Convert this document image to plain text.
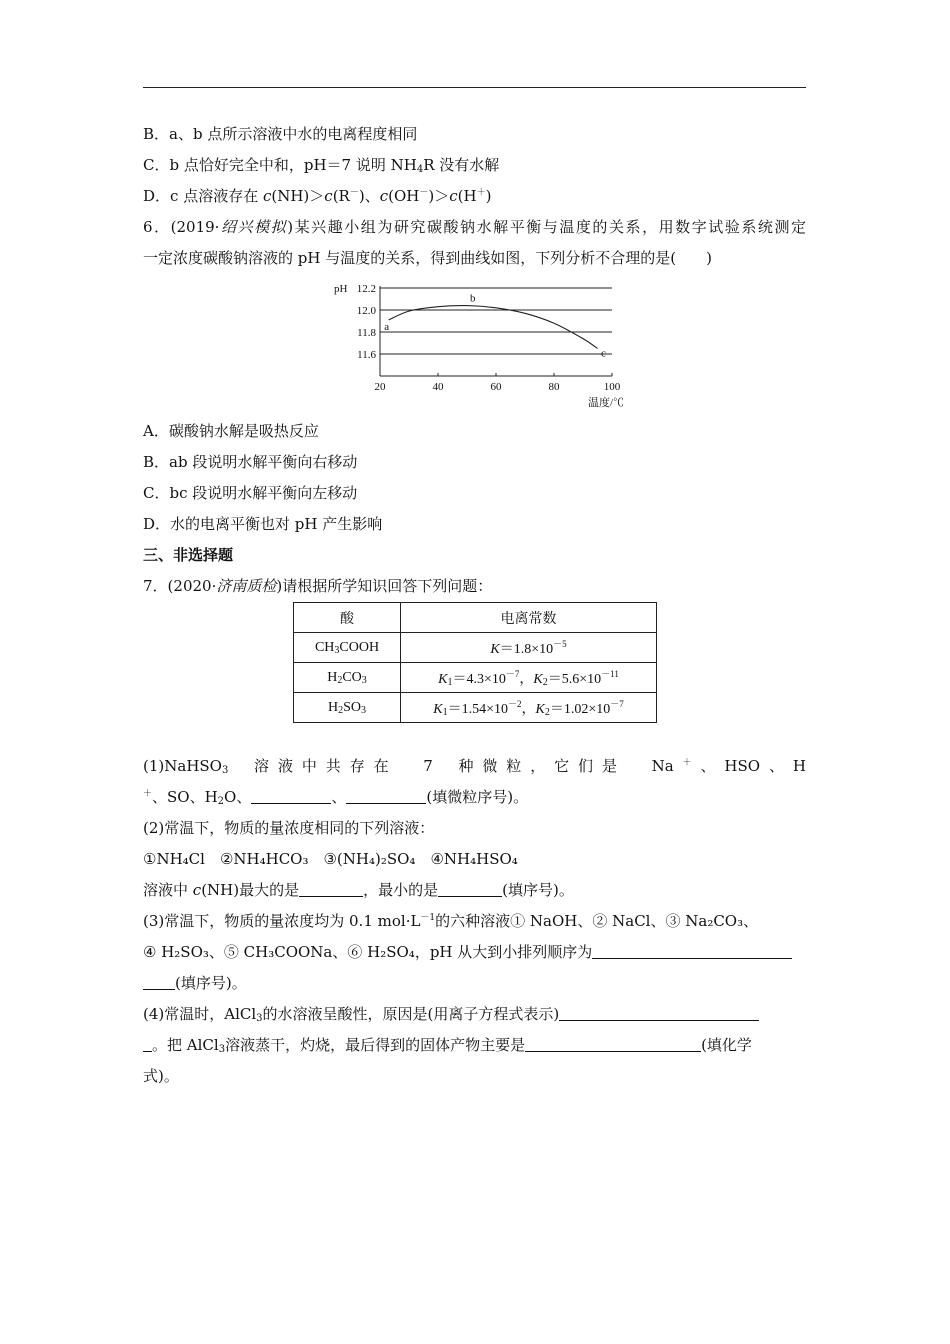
B．a、b 点所示溶液中水的电离程度相同
C．b 点恰好完全中和，pH＝7 说明 $NH_4R$ 没有水解
D．c 点溶液存在 c(NH)＞c(R－)、c(OH－)＞c(H＋)
6．(2019·绍兴模拟)某兴趣小组为研究碳酸钠水解平衡与温度的关系，用数字试验系统测定
一定浓度碳酸钠溶液的 pH 与温度的关系，得到曲线如图，下列分析不合理的是(　　)
12.2
12.0
11.8
11.6
20	40	60	80	100
a
b
c
pH
温度/℃
A．碳酸钠水解是吸热反应
B．ab 段说明水解平衡向右移动
C．bc 段说明水解平衡向左移动
D．水的电离平衡也对 pH 产生影响
三、非选择题
7．(2020·济南质检)请根据所学知识回答下列问题：
酸	电离常数
$CH_3COOH$	$K=1.8\times 10^{-5}$
$H_2CO_3$	$K_1=4.3\times 10^{-7}$，$K_2=5.6\times 10^{-11}$
$H_2SO_3$	$K_1=1.54\times 10^{-2}$，$K_2=1.02\times 10^{-7}$
(1)NaHSO$_3$ 溶液中共存在 7 种微粒，它们是 Na＋、HSO、H
＋、SO、$H_2O$、	、	(填微粒序号)。
(2)常温下，物质的量浓度相同的下列溶液：
①NH₄Cl　②NH₄HCO₃　③(NH₄)₂SO₄　④NH₄HSO₄
溶液中 c(NH)最大的是	，最小的是	(填序号)。
(3)常温下，物质的量浓度均为 0.1 $mol\cdot L^{-1}$的六种溶液① NaOH、② NaCl、③ Na₂CO₃、
④ H₂SO₃、⑤ CH₃COONa、⑥ H₂SO₄，pH 从大到小排列顺序为
(填序号)。
(4)常温时，AlCl$_3$的水溶液呈酸性，原因是(用离子方程式表示)
。把 AlCl$_3$溶液蒸干，灼烧，最后得到的固体产物主要是	(填化学
式)。
